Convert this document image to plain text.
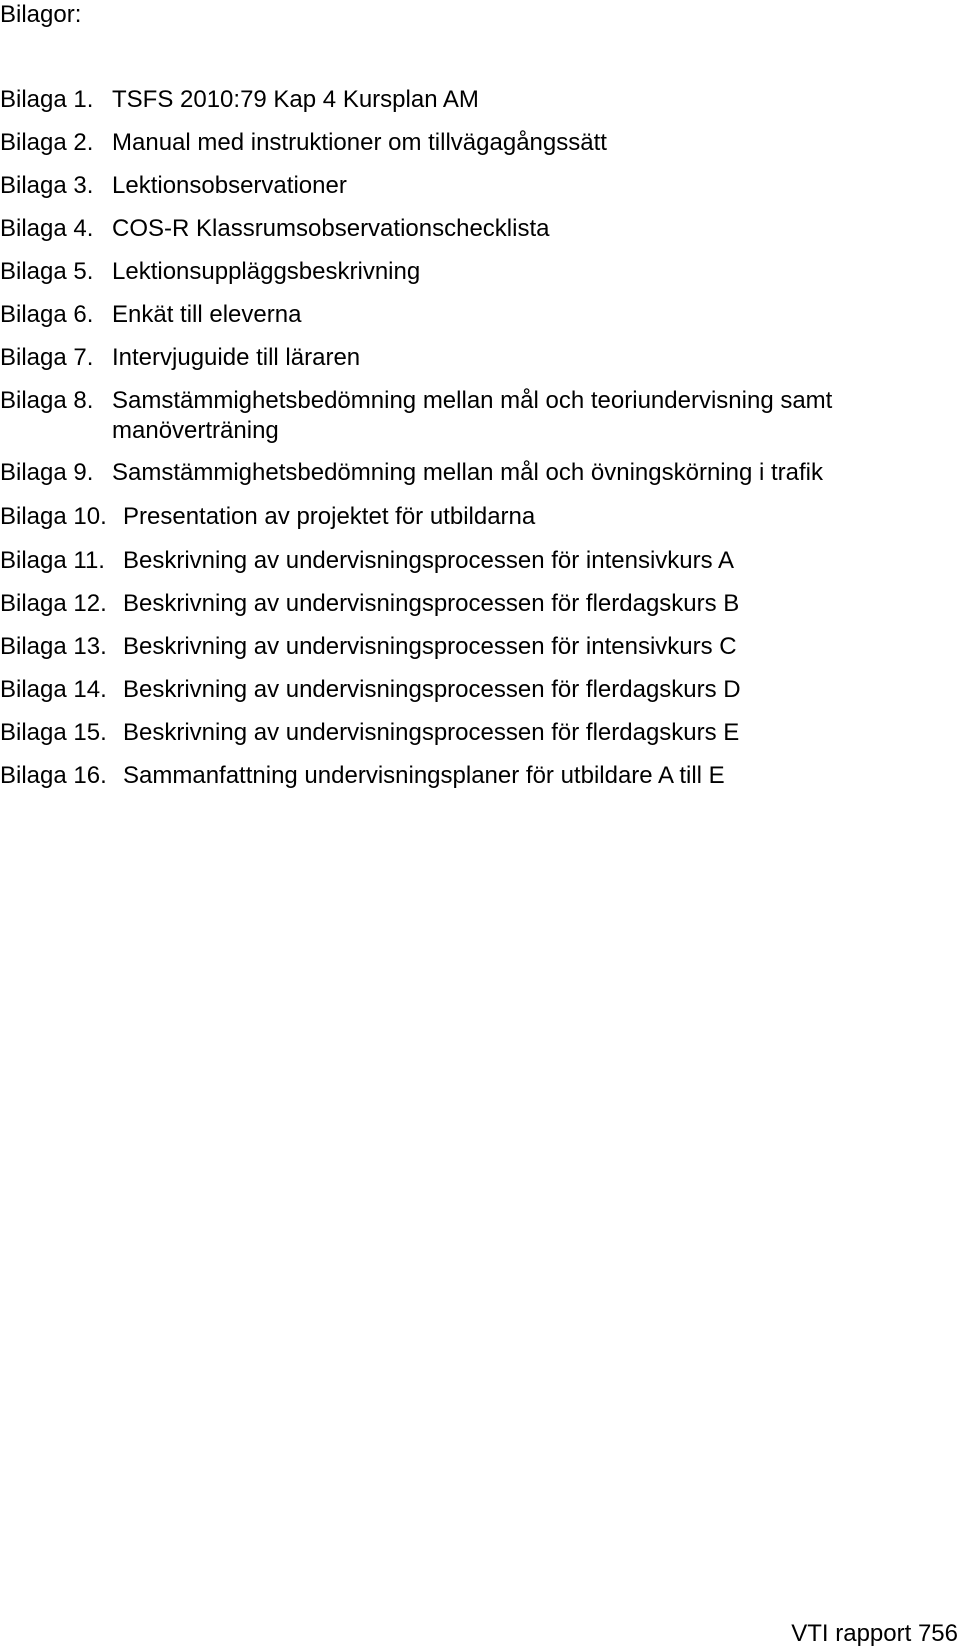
Bilagor:
Bilaga 1. TSFS 2010:79 Kap 4 Kursplan AM
Bilaga 2. Manual med instruktioner om tillvägagångssätt
Bilaga 3. Lektionsobservationer
Bilaga 4. COS-R Klassrumsobservationschecklista
Bilaga 5. Lektionsuppläggsbeskrivning
Bilaga 6. Enkät till eleverna
Bilaga 7. Intervjuguide till läraren
Bilaga 8. Samstämmighetsbedömning mellan mål och teoriundervisning samt manöverträning
Bilaga 9. Samstämmighetsbedömning mellan mål och övningskörning i trafik
Bilaga 10. Presentation av projektet för utbildarna
Bilaga 11. Beskrivning av undervisningsprocessen för intensivkurs A
Bilaga 12. Beskrivning av undervisningsprocessen för flerdagskurs B
Bilaga 13. Beskrivning av undervisningsprocessen för intensivkurs C
Bilaga 14. Beskrivning av undervisningsprocessen för flerdagskurs D
Bilaga 15. Beskrivning av undervisningsprocessen för flerdagskurs E
Bilaga 16. Sammanfattning undervisningsplaner för utbildare A till E
VTI rapport 756
